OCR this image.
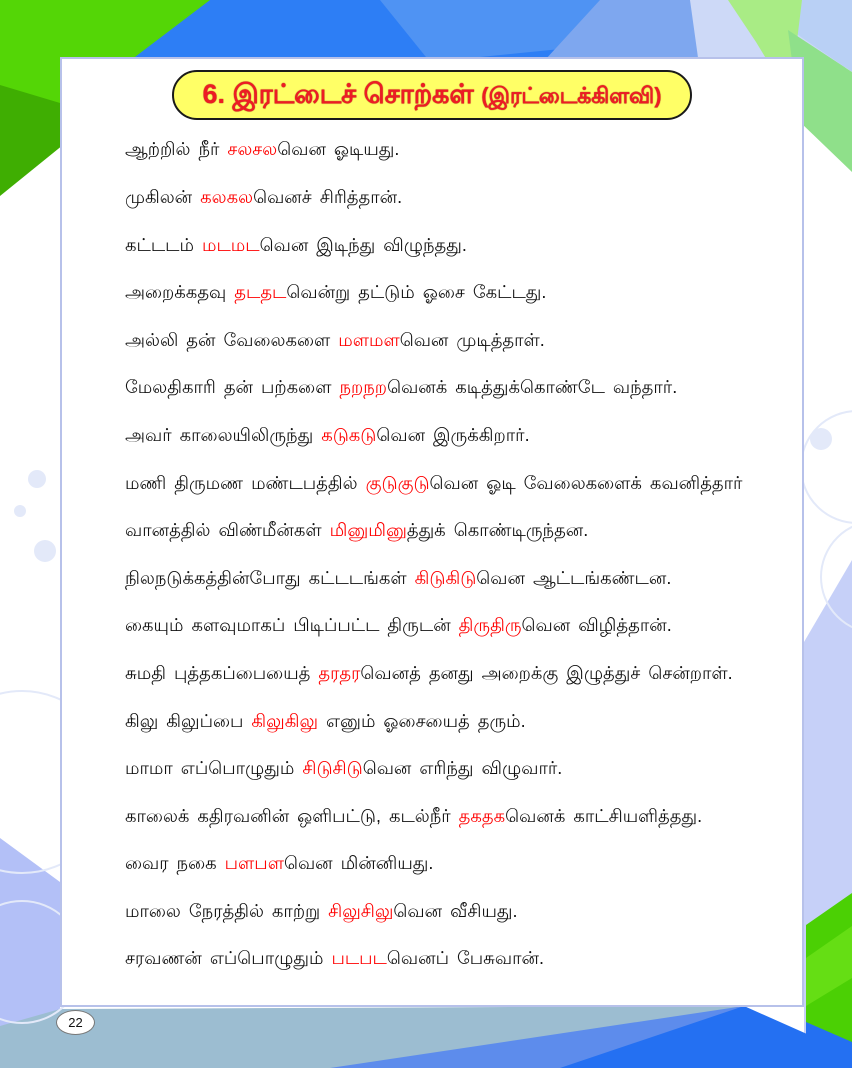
6. இரட்டைச் சொற்கள் (இரட்டைக்கிளவி)
ஆற்றில் நீர் சலசலவென ஓடியது.
முகிலன் கலகலவெனச் சிரித்தான்.
கட்டடம் மடமடவென இடிந்து விழுந்தது.
அறைக்கதவு தடதடவென்று தட்டும் ஓசை கேட்டது.
அல்லி தன் வேலைகளை மளமளவென முடித்தாள்.
மேலதிகாரி தன் பற்களை நறநறவெனக் கடித்துக்கொண்டே வந்தார்.
அவர் காலையிலிருந்து கடுகடுவென இருக்கிறார்.
மணி திருமண மண்டபத்தில் குடுகுடுவென ஓடி வேலைகளைக் கவனித்தார்
வானத்தில் விண்மீன்கள் மினுமினுத்துக் கொண்டிருந்தன.
நிலநடுக்கத்தின்போது கட்டடங்கள் கிடுகிடுவென ஆட்டங்கண்டன.
கையும் களவுமாகப் பிடிப்பட்ட திருடன் திருதிருவென விழித்தான்.
சுமதி புத்தகப்பையைத் தரதரவெனத் தனது அறைக்கு இழுத்துச் சென்றாள்.
கிலு கிலுப்பை கிலுகிலு எனும் ஓசையைத் தரும்.
மாமா எப்பொழுதும் சிடுசிடுவென எரிந்து விழுவார்.
காலைக் கதிரவனின் ஒளிபட்டு, கடல்நீர் தகதகவெனக் காட்சியளித்தது.
வைர நகை பளபளவென மின்னியது.
மாலை நேரத்தில் காற்று சிலுசிலுவென வீசியது.
சரவணன் எப்பொழுதும் படபடவெனப் பேசுவான்.
22
